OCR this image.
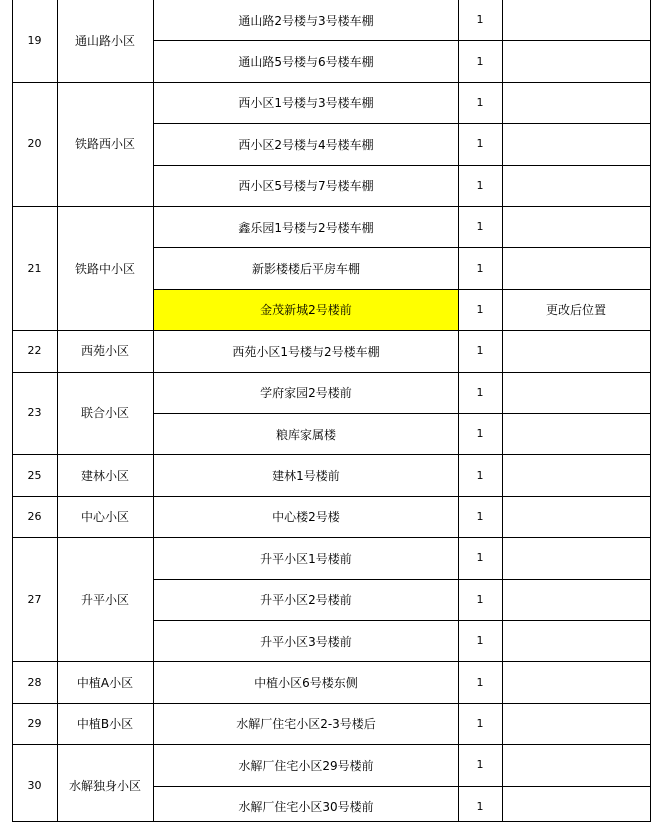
19	通山路小区
通山路2号楼与3号楼车棚	1
通山路5号楼与6号楼车棚	1
20	铁路西小区
西小区1号楼与3号楼车棚	1
西小区2号楼与4号楼车棚	1
西小区5号楼与7号楼车棚	1
21	铁路中小区
鑫乐园1号楼与2号楼车棚	1
新影楼楼后平房车棚	1
金茂新城2号楼前	1	更改后位置
22	西苑小区	西苑小区1号楼与2号楼车棚	1
23	联合小区
学府家园2号楼前	1
粮库家属楼	1
25	建林小区	建林1号楼前	1
26	中心小区	中心楼2号楼	1
27	升平小区
升平小区1号楼前	1
升平小区2号楼前	1
升平小区3号楼前	1
28	中植A小区	中植小区6号楼东侧	1
29	中植B小区	水解厂住宅小区2-3号楼后	1
30	水解独身小区
水解厂住宅小区29号楼前	1
水解厂住宅小区30号楼前	1
